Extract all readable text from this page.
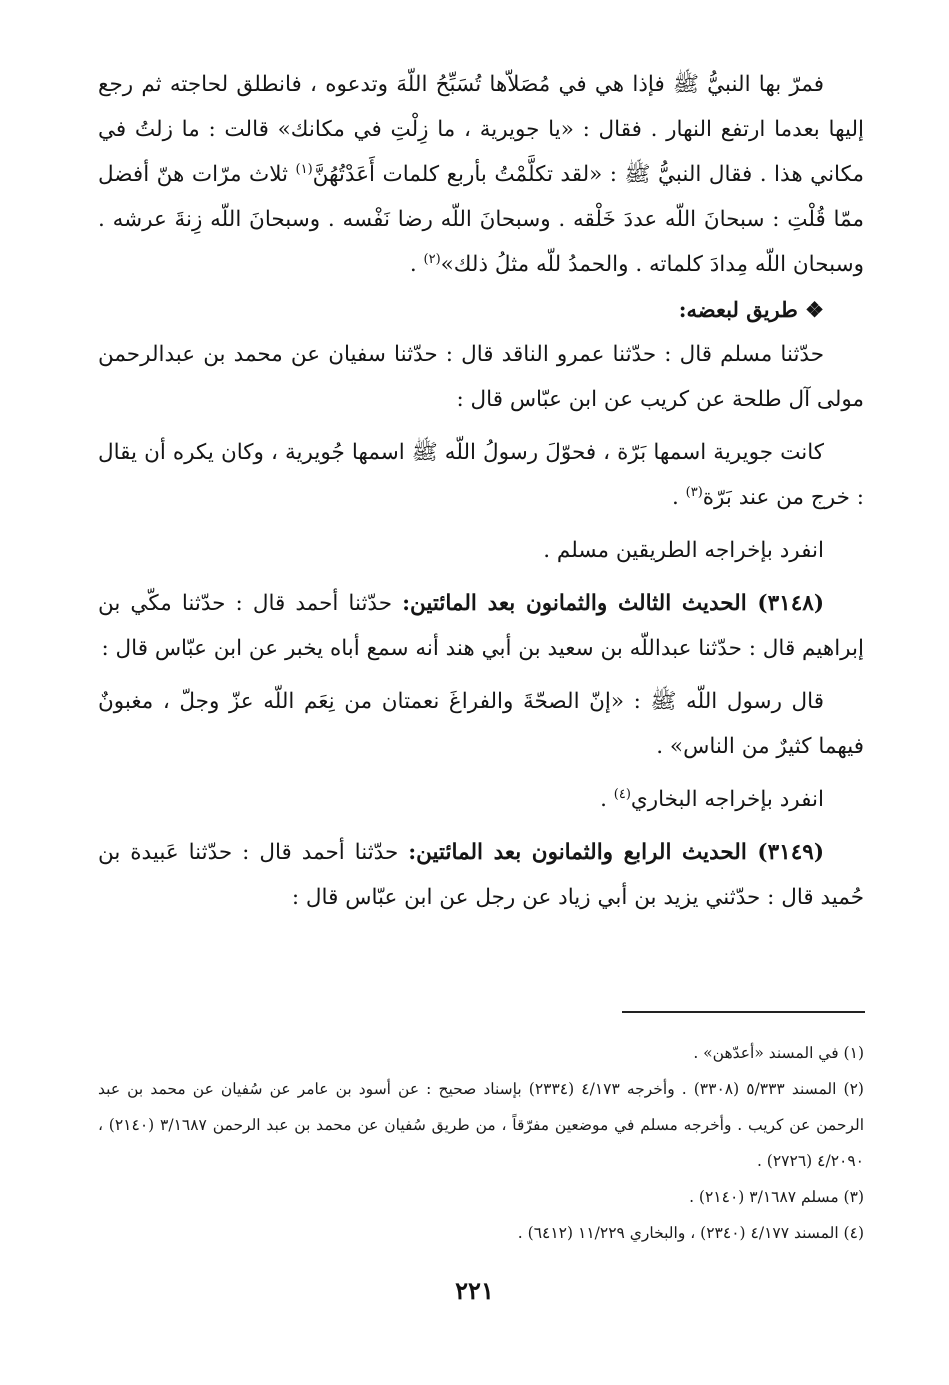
فمرّ بها النبيُّ ﷺ فإذا هي في مُصَلاّها تُسَبِّحُ اللّهَ وتدعوه ، فانطلق لحاجته ثم رجع إليها بعدما ارتفع النهار . فقال : «يا جويرية ، ما زِلْتِ في مكانك» قالت : ما زلتُ في مكاني هذا . فقال النبيُّ ﷺ : «لقد تكلَّمْتُ بأربع كلمات أَعَدْتُهُنَّ$^{(١)}$ ثلاث مرّات هنّ أفضل ممّا قُلْتِ : سبحانَ اللّه عددَ خَلْقه . وسبحانَ اللّه رضا نَفْسه . وسبحانَ اللّه زِنةَ عرشه . وسبحان اللّه مِدادَ كلماته . والحمدُ للّه مثلُ ذلك»$^{(٢)}$ .

❖ طريق لبعضه:

حدّثنا مسلم قال : حدّثنا عمرو الناقد قال : حدّثنا سفيان عن محمد بن عبدالرحمن مولى آل طلحة عن كريب عن ابن عبّاس قال :

كانت جويرية اسمها بَرّة ، فحوّلَ رسولُ اللّه ﷺ اسمها جُويرية ، وكان يكره أن يقال : خرج من عند بَرّة$^{(٣)}$ .

انفرد بإخراجه الطريقين مسلم .

(٣١٤٨) الحديث الثالث والثمانون بعد المائتين: حدّثنا أحمد قال : حدّثنا مكّي بن إبراهيم قال : حدّثنا عبداللّه بن سعيد بن أبي هند أنه سمع أباه يخبر عن ابن عبّاس قال :

قال رسول اللّه ﷺ : «إنّ الصحّةَ والفراغَ نعمتان من نِعَم اللّه عزّ وجلّ ، مغبونٌ فيهما كثيرٌ من الناس» .

انفرد بإخراجه البخاري$^{(٤)}$ .

(٣١٤٩) الحديث الرابع والثمانون بعد المائتين: حدّثنا أحمد قال : حدّثنا عَبيدة بن حُميد قال : حدّثني يزيد بن أبي زياد عن رجل عن ابن عبّاس قال :

(١) في المسند «أعدّهن» .

(٢) المسند ٥/٣٣٣ (٣٣٠٨) . وأخرجه ٤/١٧٣ (٢٣٣٤) بإسناد صحيح : عن أسود بن عامر عن سُفيان عن محمد بن عبد الرحمن عن كريب . وأخرجه مسلم في موضعين مفرّقاً ، من طريق سُفيان عن محمد بن عبد الرحمن ٣/١٦٨٧ (٢١٤٠) ، ٤/٢٠٩٠ (٢٧٢٦) .

(٣) مسلم ٣/١٦٨٧ (٢١٤٠) .

(٤) المسند ٤/١٧٧ (٢٣٤٠) ، والبخاري ١١/٢٢٩ (٦٤١٢) .

٢٢١
